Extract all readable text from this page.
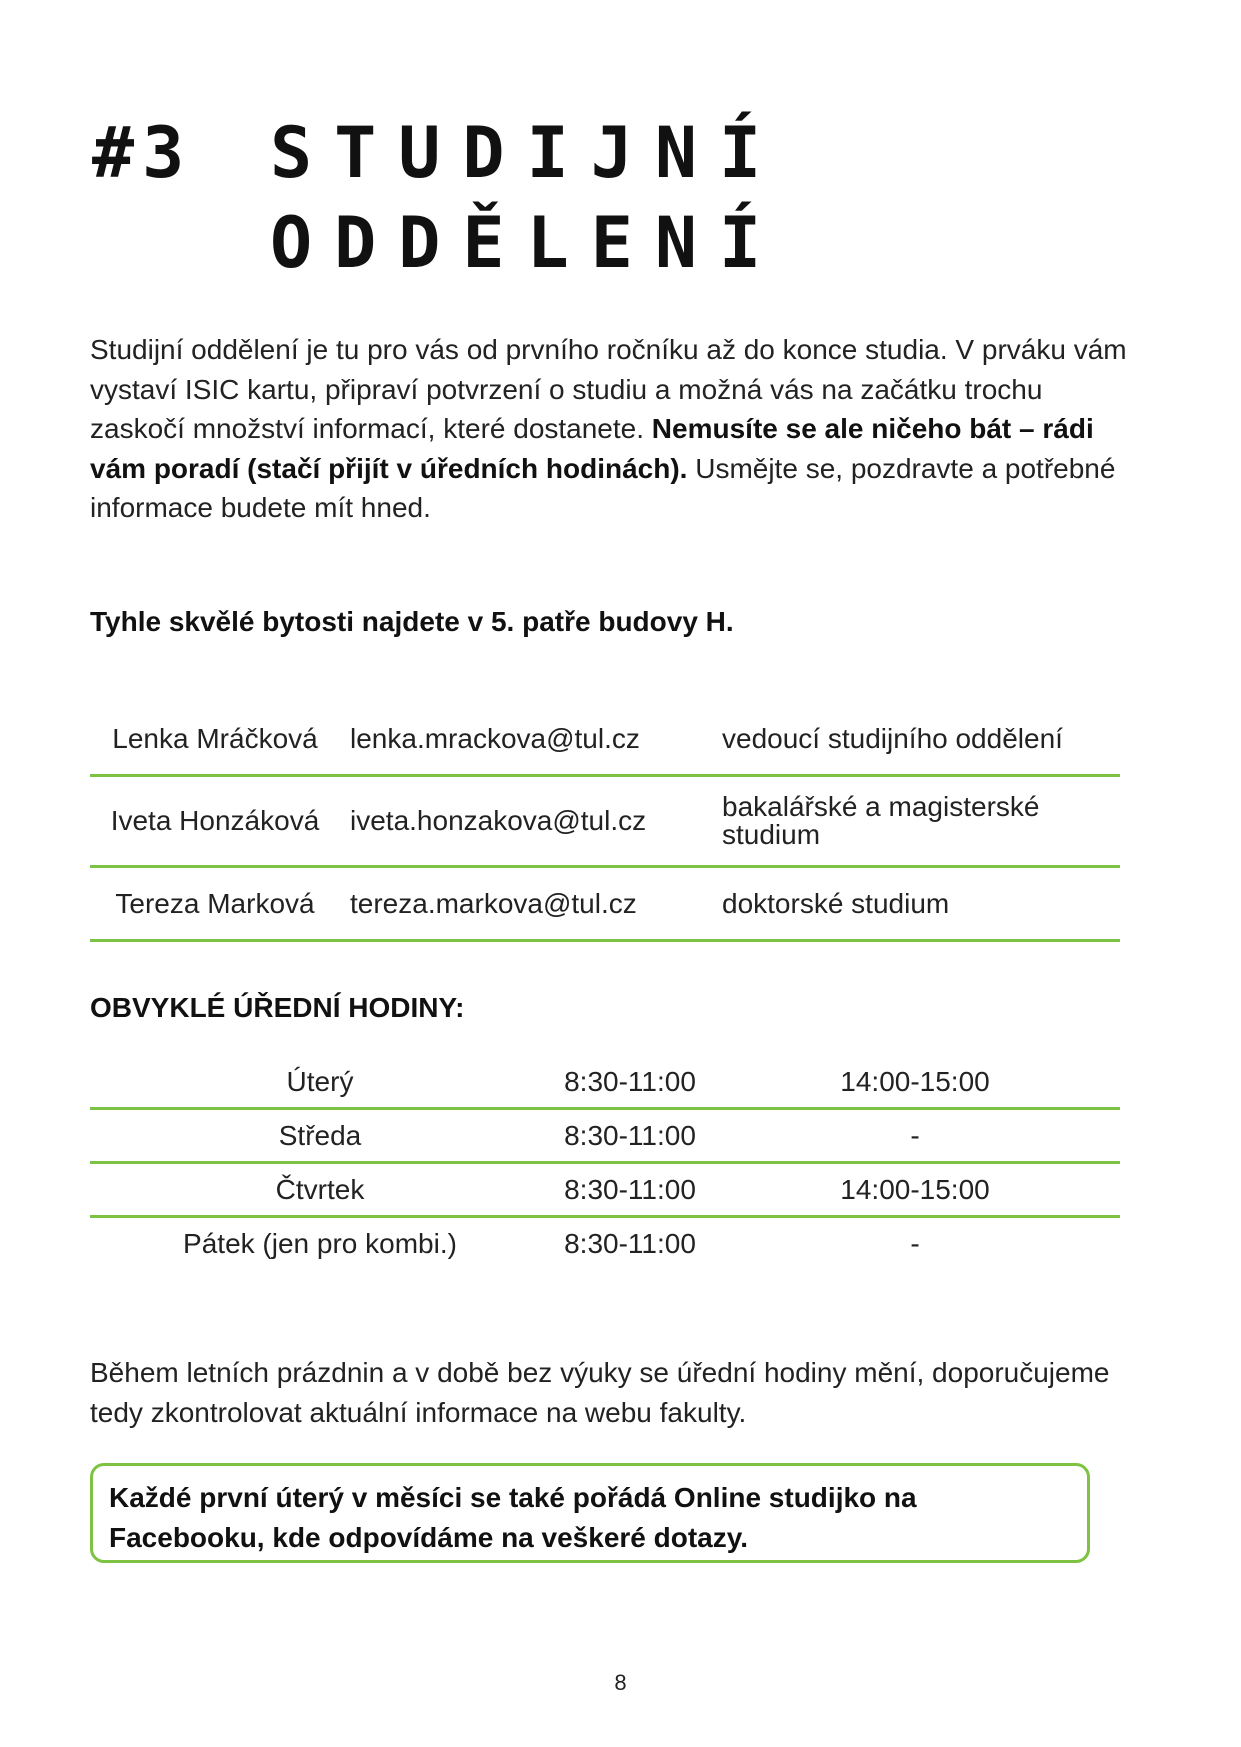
#3 STUDIJNÍ
ODDĚLENÍ

Studijní oddělení je tu pro vás od prvního ročníku až do konce studia. V prváku vám vystaví ISIC kartu, připraví potvrzení o studiu a možná vás na začátku trochu zaskočí množství informací, které dostanete. Nemusíte se ale ničeho bát – rádi vám poradí (stačí přijít v úředních hodinách). Usmějte se, pozdravte a potřebné informace budete mít hned.

Tyhle skvělé bytosti najdete v 5. patře budovy H.
Lenka Mráčková	lenka.mrackova@tul.cz	vedoucí studijního oddělení
Iveta Honzáková	iveta.honzakova@tul.cz	bakalářské a magisterské studium
Tereza Marková	tereza.markova@tul.cz	doktorské studium
OBVYKLÉ ÚŘEDNÍ HODINY:
Úterý	8:30-11:00	14:00-15:00
Středa	8:30-11:00	-
Čtvrtek	8:30-11:00	14:00-15:00
Pátek (jen pro kombi.)	8:30-11:00	-

Během letních prázdnin a v době bez výuky se úřední hodiny mění, doporučujeme tedy zkontrolovat aktuální informace na webu fakulty.

Každé první úterý v měsíci se také pořádá Online studijko na Facebooku, kde odpovídáme na veškeré dotazy.
8
